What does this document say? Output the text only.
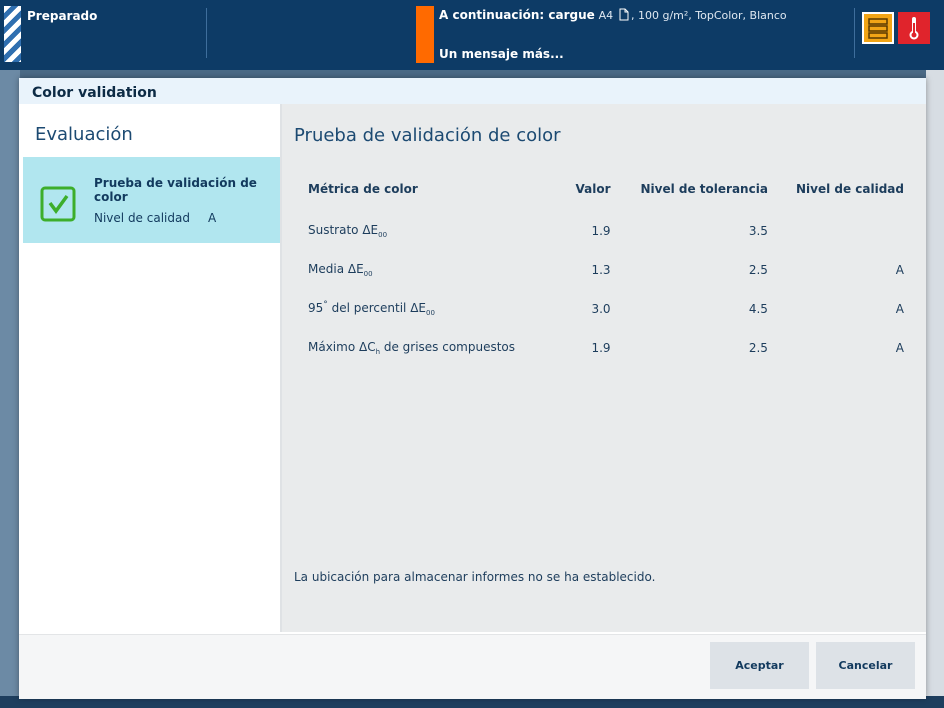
Preparado	A continuación: cargue A4 , 100 g/m², TopColor, Blanco
Un mensaje más...
Color validation
Evaluación
Prueba de validación de color
Nivel de calidad A
Prueba de validación de color
Métrica de color	Valor	Nivel de tolerancia	Nivel de calidad

Sustrato $\Delta E_{00}$	1.9	3.5	
Media $\Delta E_{00}$	1.3	2.5	A
95° del percentil $\Delta E_{00}$	3.0	4.5	A
Máximo $\Delta C_h$ de grises compuestos	1.9	2.5	A
La ubicación para almacenar informes no se ha establecido.
Aceptar	Cancelar
